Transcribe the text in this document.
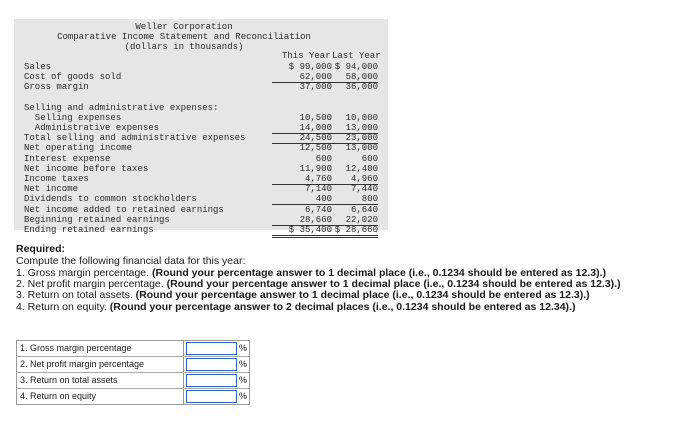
Weller Corporation
Comparative Income Statement and Reconciliation
(dollars in thousands)
This Year Last Year
Sales	$ 99,000 $ 94,000
Cost of goods sold	62,000	58,000
Gross margin	37,000	36,000
Selling and administrative expenses:
Selling expenses	10,500	10,000
Administrative expenses	14,000	13,000
Total selling and administrative expenses	24,500	23,000
Net operating income	12,500	13,000
Interest expense	600	600
Net income before taxes	11,900	12,400
Income taxes	4,760	4,960
Net income	7,140	7,440
Dividends to common stockholders	400	800
Net income added to retained earnings	6,740	6,640
Beginning retained earnings	28,660	22,020
Ending retained earnings	$ 35,400 $ 28,660
Required:
Compute the following financial data for this year:
1. Gross margin percentage. (Round your percentage answer to 1 decimal place (i.e., 0.1234 should be entered as 12.3).)
2. Net profit margin percentage. (Round your percentage answer to 1 decimal place (i.e., 0.1234 should be entered as 12.3).)
3. Return on total assets. (Round your percentage answer to 1 decimal place (i.e., 0.1234 should be entered as 12.3).)
4. Return on equity. (Round your percentage answer to 2 decimal places (i.e., 0.1234 should be entered as 12.34).)
1. Gross margin percentage	%
2. Net profit margin percentage	%
3. Return on total assets	%
4. Return on equity	%
